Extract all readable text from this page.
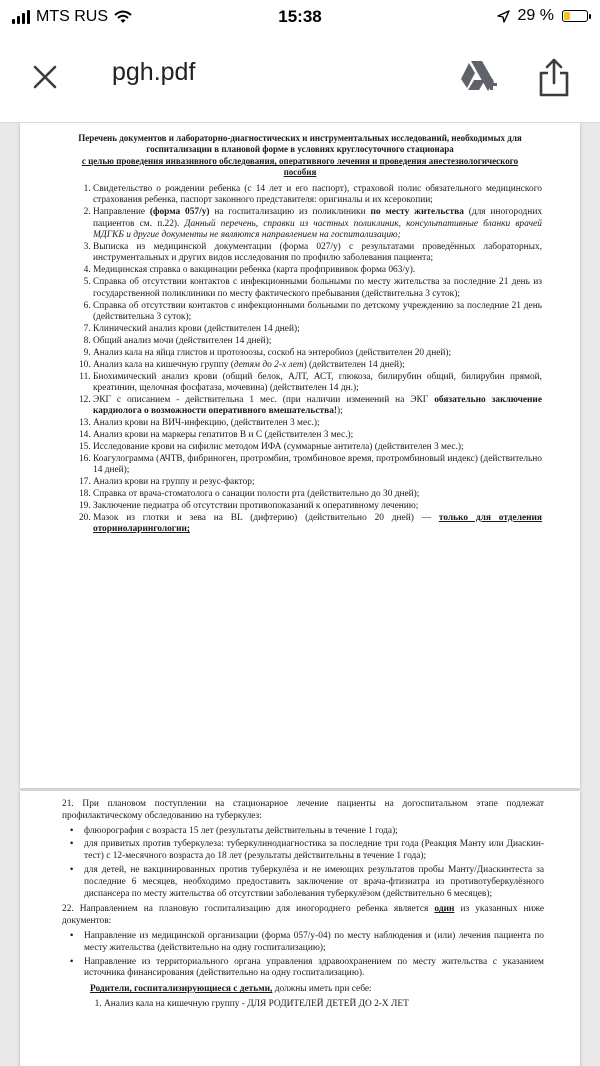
MTS RUS	15:38	29 %
pgh.pdf
Перечень документов и лабораторно-диагностических и инструментальных исследований, необходимых для госпитализации в плановой форме в условиях круглосуточного стационара
с целью проведения инвазивного обследования, оперативного лечения и проведения анестезиологического пособия
1. Свидетельство о рождении ребенка (с 14 лет и его паспорт), страховой полис обязательного медицинского страхования ребенка, паспорт законного представителя: оригиналы и их ксерокопии;
2. Направление (форма 057/у) на госпитализацию из поликлиники по месту жительства (для иногородних пациентов см. п.22). Данный перечень, справки из частных поликлиник, консультативные бланки врачей МДГКБ и другие документы не являются направлением на госпитализацию;
3. Выписка из медицинской документации (форма 027/у) с результатами проведённых лабораторных, инструментальных и других видов исследования по профилю заболевания пациента;
4. Медицинская справка о вакцинации ребенка (карта профпрививок форма 063/у).
5. Справка об отсутствии контактов с инфекционными больными по месту жительства за последние 21 день из государственной поликлиники по месту фактического пребывания (действительна 3 суток);
6. Справка об отсутствии контактов с инфекционными больными по детскому учреждению за последние 21 день (действительна 3 суток);
7. Клинический анализ крови (действителен 14 дней);
8. Общий анализ мочи (действителен 14 дней);
9. Анализ кала на яйца глистов и протозоозы, соскоб на энтеробиоз (действителен 20 дней);
10. Анализ кала на кишечную группу (детям до 2-х лет) (действителен 14 дней);
11. Биохимический анализ крови (общий белок, АЛТ, АСТ, глюкоза, билирубин общий, билирубин прямой, креатинин, щелочная фосфатаза, мочевина) (действителен 14 дн.);
12. ЭКГ с описанием - действительна 1 мес. (при наличии изменений на ЭКГ обязательно заключение кардиолога о возможности оперативного вмешательства!);
13. Анализ крови на ВИЧ-инфекцию, (действителен 3 мес.);
14. Анализ крови на маркеры гепатитов В и С (действителен 3 мес.);
15. Исследование крови на сифилис методом ИФА (суммарные антитела) (действителен 3 мес.);
16. Коагулограмма (АЧТВ, фибриноген, протромбин, тромбиновое время, протромбиновый индекс) (действительно 14 дней);
17. Анализ крови на группу и резус-фактор;
18. Справка от врача-стоматолога о санации полости рта (действительно до 30 дней);
19. Заключение педиатра об отсутствии противопоказаний к оперативному лечению;
20. Мазок из глотки и зева на BL (дифтерию) (действительно 20 дней) — только для отделения оториноларингологии;

21. При плановом поступлении на стационарное лечение пациенты на догоспитальном этапе подлежат профилактическому обследованию на туберкулез:

• флюорография с возраста 15 лет (результаты действительны в течение 1 года);
• для привитых против туберкулеза: туберкулинодиагностика за последние три года (Реакция Манту или Диаскин-тест) с 12-месячного возраста до 18 лет (результаты действительны в течение 1 года);
• для детей, не вакцинированных против туберкулёза и не имеющих результатов пробы Манту/Диаскинтеста за последние 6 месяцев, необходимо предоставить заключение от врача-фтизиатра из противотуберкулёзного диспансера по месту жительства об отсутствии заболевания туберкулёзом (действительно 6 месяцев);

22. Направлением на плановую госпитализацию для иногороднего ребенка является один из указанных ниже документов:

• Направление из медицинской организации (форма 057/у-04) по месту наблюдения и (или) лечения пациента по месту жительства (действительно на одну госпитализацию);
• Направление из территориального органа управления здравоохранением по месту жительства с указанием источника финансирования (действительно на одну госпитализацию).

Родители, госпитализирующиеся с детьми, должны иметь при себе:

1. Анализ кала на кишечную группу - ДЛЯ РОДИТЕЛЕЙ ДЕТЕЙ ДО 2-Х ЛЕТ
